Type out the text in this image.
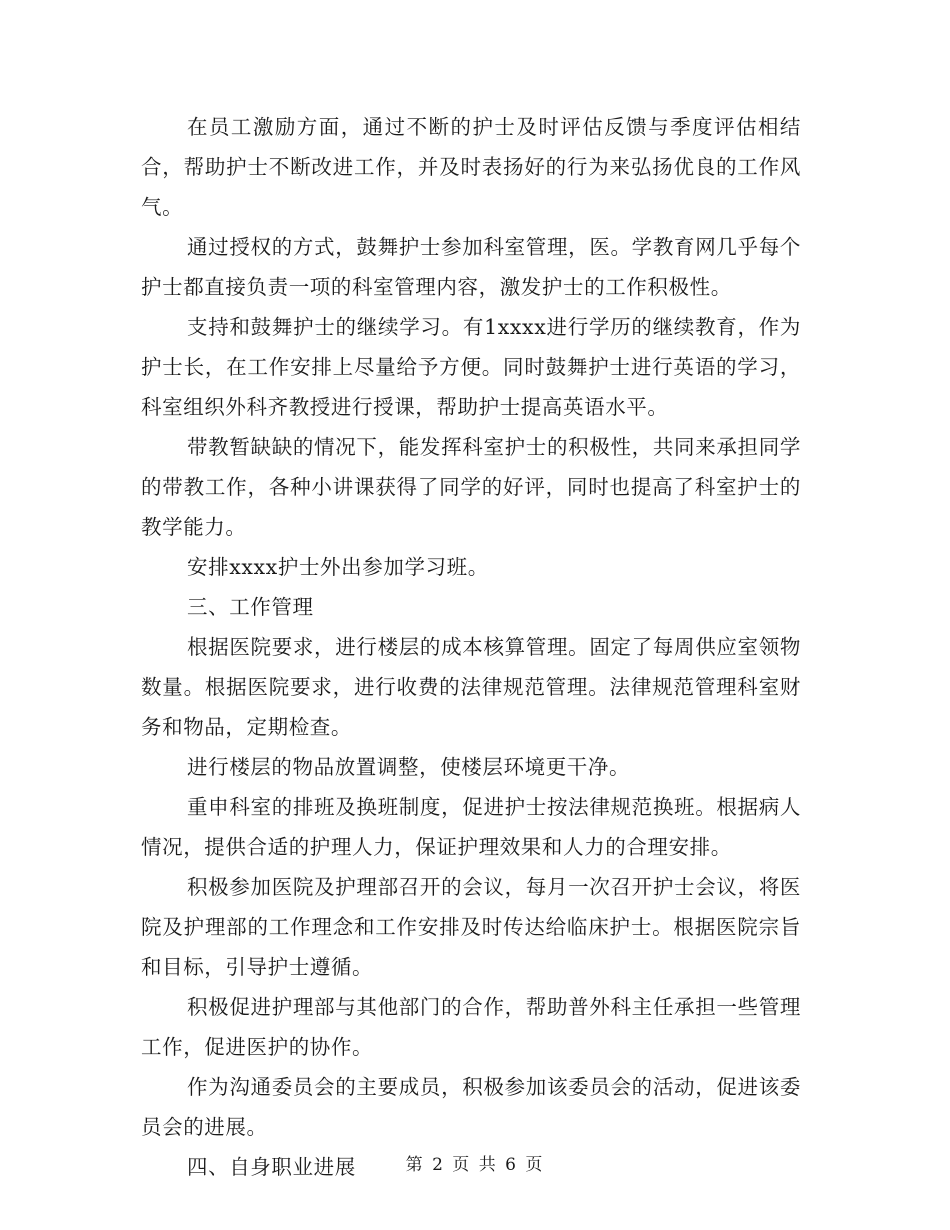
在员工激励方面，通过不断的护士及时评估反馈与季度评估相结合，帮助护士不断改进工作，并及时表扬好的行为来弘扬优良的工作风气。

通过授权的方式，鼓舞护士参加科室管理，医。学教育网几乎每个护士都直接负责一项的科室管理内容，激发护士的工作积极性。

支持和鼓舞护士的继续学习。有1xxxx进行学历的继续教育，作为护士长，在工作安排上尽量给予方便。同时鼓舞护士进行英语的学习，科室组织外科齐教授进行授课，帮助护士提高英语水平。

带教暂缺缺的情况下，能发挥科室护士的积极性，共同来承担同学的带教工作，各种小讲课获得了同学的好评，同时也提高了科室护士的教学能力。

安排xxxx护士外出参加学习班。

三、工作管理

根据医院要求，进行楼层的成本核算管理。固定了每周供应室领物数量。根据医院要求，进行收费的法律规范管理。法律规范管理科室财务和物品，定期检查。

进行楼层的物品放置调整，使楼层环境更干净。

重申科室的排班及换班制度，促进护士按法律规范换班。根据病人情况，提供合适的护理人力，保证护理效果和人力的合理安排。

积极参加医院及护理部召开的会议，每月一次召开护士会议，将医院及护理部的工作理念和工作安排及时传达给临床护士。根据医院宗旨和目标，引导护士遵循。

积极促进护理部与其他部门的合作，帮助普外科主任承担一些管理工作，促进医护的协作。

作为沟通委员会的主要成员，积极参加该委员会的活动，促进该委员会的进展。

四、自身职业进展	第 2 页 共 6 页
